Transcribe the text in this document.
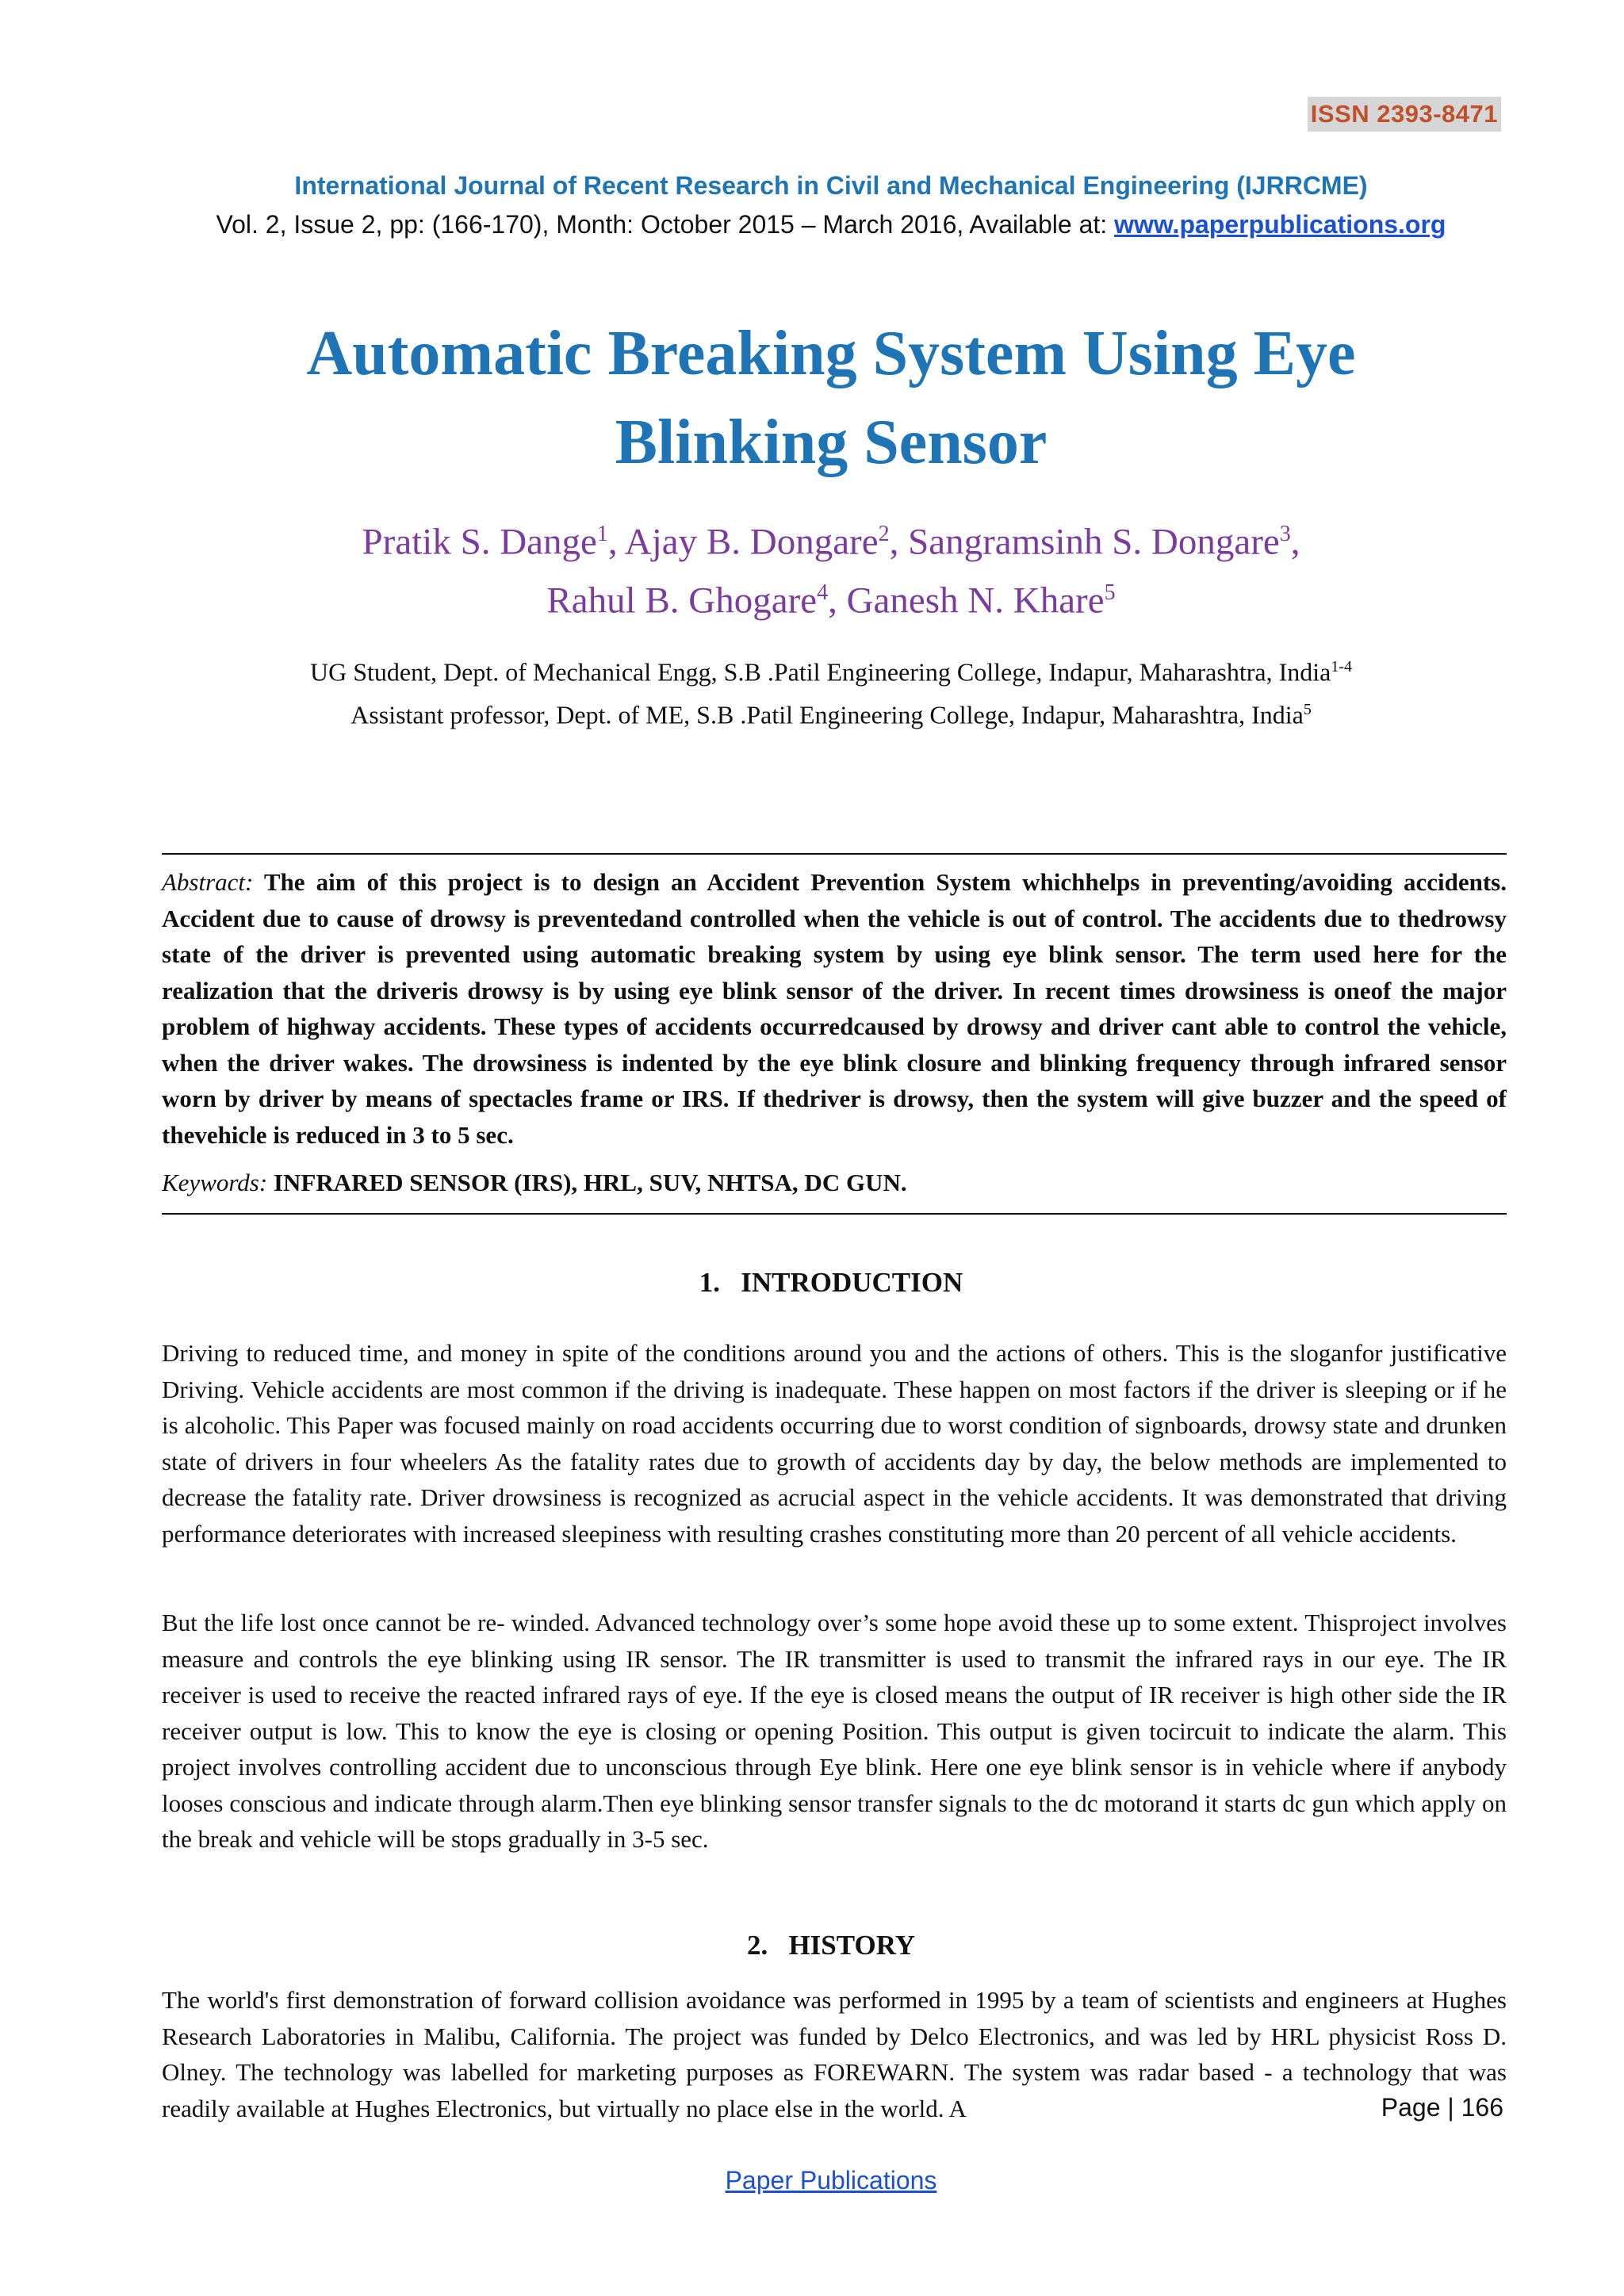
ISSN 2393-8471
International Journal of Recent Research in Civil and Mechanical Engineering (IJRRCME)
Vol. 2, Issue 2, pp: (166-170), Month: October 2015 – March 2016, Available at: www.paperpublications.org
Automatic Breaking System Using Eye
Blinking Sensor
Pratik S. Dange$^1$, Ajay B. Dongare$^2$, Sangramsinh S. Dongare$^3$,
Rahul B. Ghogare$^4$, Ganesh N. Khare$^5$
UG Student, Dept. of Mechanical Engg, S.B .Patil Engineering College, Indapur, Maharashtra, India$^{1-4}$
Assistant professor, Dept. of ME, S.B .Patil Engineering College, Indapur, Maharashtra, India$^5$
Abstract: The aim of this project is to design an Accident Prevention System whichhelps in preventing/avoiding accidents. Accident due to cause of drowsy is preventedand controlled when the vehicle is out of control. The accidents due to thedrowsy state of the driver is prevented using automatic breaking system by using eye blink sensor. The term used here for the realization that the driveris drowsy is by using eye blink sensor of the driver. In recent times drowsiness is oneof the major problem of highway accidents. These types of accidents occurredcaused by drowsy and driver cant able to control the vehicle, when the driver wakes. The drowsiness is indented by the eye blink closure and blinking frequency through infrared sensor worn by driver by means of spectacles frame or IRS. If thedriver is drowsy, then the system will give buzzer and the speed of thevehicle is reduced in 3 to 5 sec.
Keywords: INFRARED SENSOR (IRS), HRL, SUV, NHTSA, DC GUN.
1.   INTRODUCTION
Driving to reduced time, and money in spite of the conditions around you and the actions of others. This is the sloganfor justificative Driving. Vehicle accidents are most common if the driving is inadequate. These happen on most factors if the driver is sleeping or if he is alcoholic. This Paper was focused mainly on road accidents occurring due to worst condition of signboards, drowsy state and drunken state of drivers in four wheelers As the fatality rates due to growth of accidents day by day, the below methods are implemented to decrease the fatality rate. Driver drowsiness is recognized as acrucial aspect in the vehicle accidents. It was demonstrated that driving performance deteriorates with increased sleepiness with resulting crashes constituting more than 20 percent of all vehicle accidents.
But the life lost once cannot be re- winded. Advanced technology over’s some hope avoid these up to some extent. Thisproject involves measure and controls the eye blinking using IR sensor. The IR transmitter is used to transmit the infrared rays in our eye. The IR receiver is used to receive the reacted infrared rays of eye. If the eye is closed means the output of IR receiver is high other side the IR receiver output is low. This to know the eye is closing or opening Position. This output is given tocircuit to indicate the alarm. This project involves controlling accident due to unconscious through Eye blink. Here one eye blink sensor is in vehicle where if anybody looses conscious and indicate through alarm.Then eye blinking sensor transfer signals to the dc motorand it starts dc gun which apply on the break and vehicle will be stops gradually in 3-5 sec.
2.   HISTORY
The world's first demonstration of forward collision avoidance was performed in 1995 by a team of scientists and engineers at Hughes Research Laboratories in Malibu, California. The project was funded by Delco Electronics, and was led by HRL physicist Ross D. Olney. The technology was labelled for marketing purposes as FOREWARN. The system was radar based - a technology that was readily available at Hughes Electronics, but virtually no place else in the world. A	Page | 166
Paper Publications
